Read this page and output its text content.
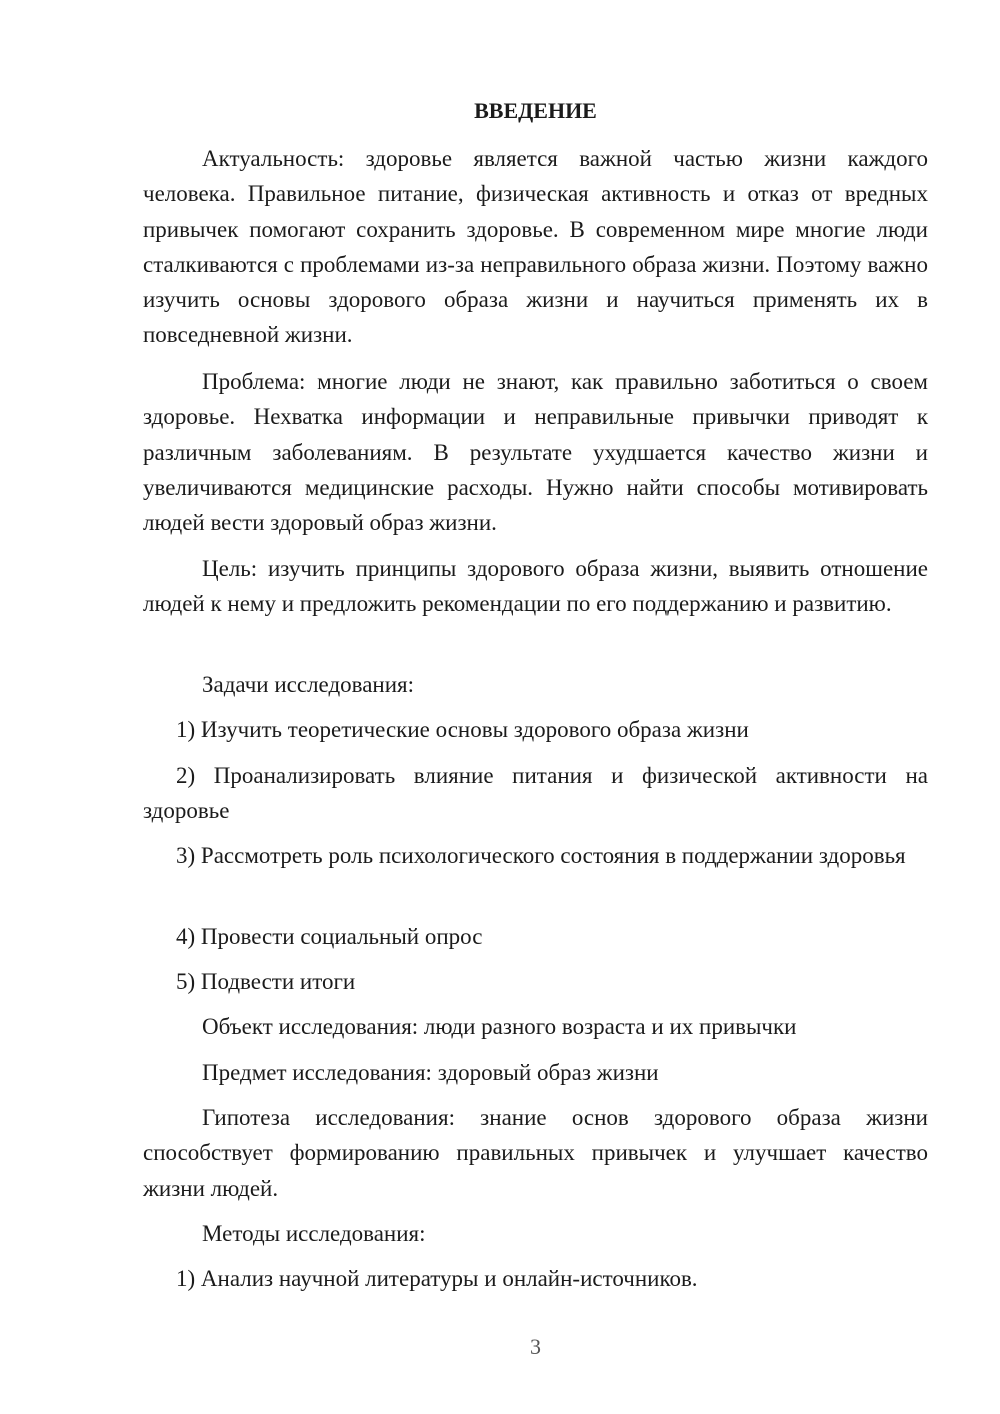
ВВЕДЕНИЕ

Актуальность: здоровье является важной частью жизни каждого человека. Правильное питание, физическая активность и отказ от вредных привычек помогают сохранить здоровье. В современном мире многие люди сталкиваются с проблемами из-за неправильного образа жизни. Поэтому важно изучить основы здорового образа жизни и научиться применять их в повседневной жизни.

Проблема: многие люди не знают, как правильно заботиться о своем здоровье. Нехватка информации и неправильные привычки приводят к различным заболеваниям. В результате ухудшается качество жизни и увеличиваются медицинские расходы. Нужно найти способы мотивировать людей вести здоровый образ жизни.

Цель: изучить принципы здорового образа жизни, выявить отношение людей к нему и предложить рекомендации по его поддержанию и развитию.

Задачи исследования:

1) Изучить теоретические основы здорового образа жизни

2) Проанализировать влияние питания и физической активности на здоровье

3) Рассмотреть роль психологического состояния в поддержании здоровья

4) Провести социальный опрос

5) Подвести итоги

Объект исследования: люди разного возраста и их привычки

Предмет исследования: здоровый образ жизни

Гипотеза исследования: знание основ здорового образа жизни способствует формированию правильных привычек и улучшает качество жизни людей.

Методы исследования:

1) Анализ научной литературы и онлайн-источников.

3
